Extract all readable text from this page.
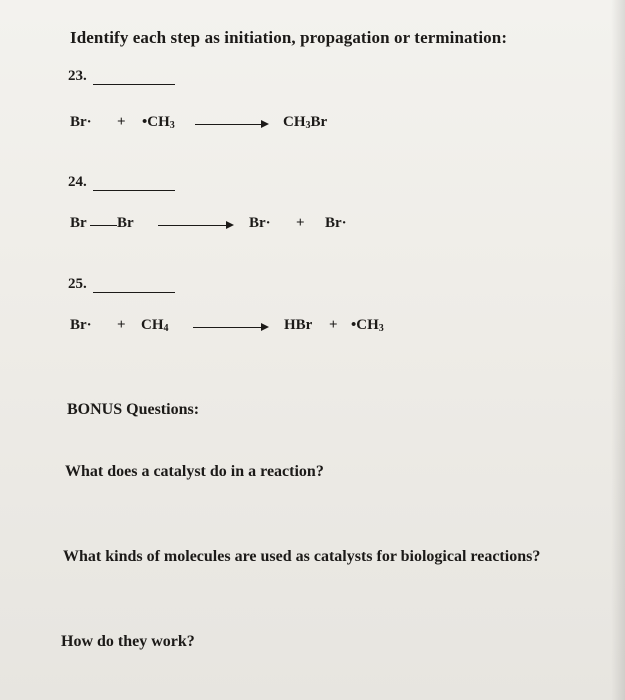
Identify each step as initiation, propagation or termination:
23.
$Br\cdot + •CH_3$	$CH_3Br$
24.
Br Br	Br· + Br·
25.
$Br\cdot + CH_4$	HBr + $•CH_3$
BONUS Questions:
What does a catalyst do in a reaction?
What kinds of molecules are used as catalysts for biological reactions?
How do they work?
